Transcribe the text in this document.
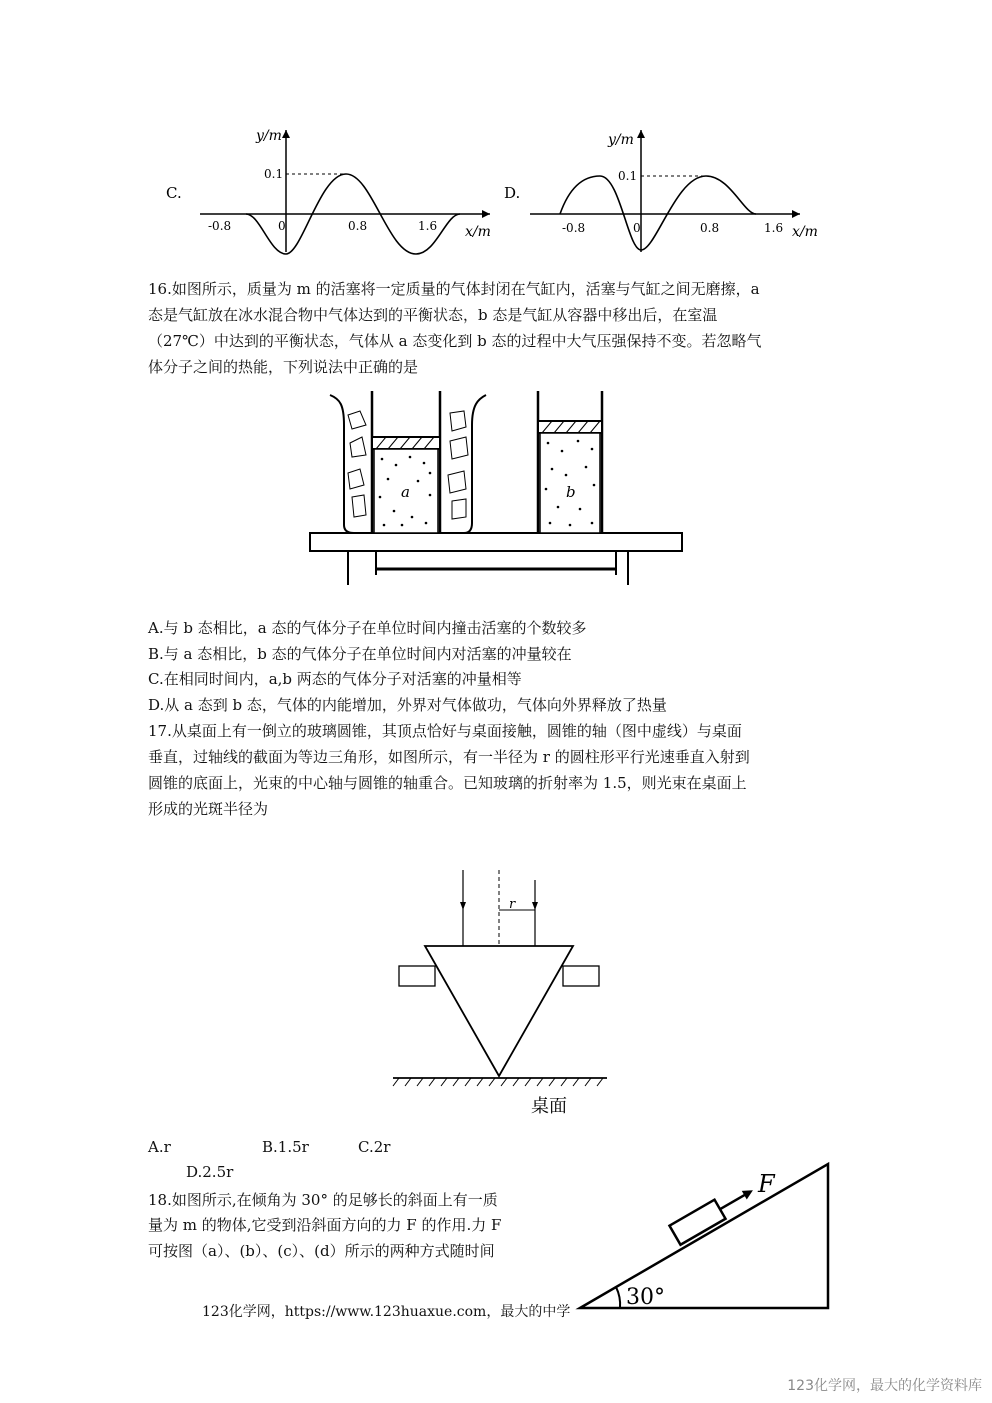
C.
y/m
x/m
0.1
-0.8	0	0.8	1.6
D.
y/m
x/m
0.1
-0.8	0	0.8	1.6
16.如图所示，质量为 m 的活塞将一定质量的气体封闭在气缸内，活塞与气缸之间无磨擦，a
态是气缸放在冰水混合物中气体达到的平衡状态，b 态是气缸从容器中移出后，在室温
（27℃）中达到的平衡状态，气体从 a 态变化到 b 态的过程中大气压强保持不变。若忽略气
体分子之间的热能，下列说法中正确的是
a	b
A.与 b 态相比，a 态的气体分子在单位时间内撞击活塞的个数较多
B.与 a 态相比，b 态的气体分子在单位时间内对活塞的冲量较在
C.在相同时间内，a,b 两态的气体分子对活塞的冲量相等
D.从 a 态到 b 态，气体的内能增加，外界对气体做功，气体向外界释放了热量
17.从桌面上有一倒立的玻璃圆锥，其顶点恰好与桌面接触，圆锥的轴（图中虚线）与桌面
垂直，过轴线的截面为等边三角形，如图所示，有一半径为 r 的圆柱形平行光速垂直入射到
圆锥的底面上，光束的中心轴与圆锥的轴重合。已知玻璃的折射率为 1.5，则光束在桌面上
形成的光斑半径为
r
桌面
A.r	B.1.5r	C.2r
D.2.5r
18.如图所示,在倾角为 30° 的足够长的斜面上有一质
量为 m 的物体,它受到沿斜面方向的力 F 的作用.力 F
可按图（a）、(b）、(c）、(d）所示的两种方式随时间
F
30°
123化学网，https://www.123huaxue.com，最大的中学
123化学网，最大的化学资料库
